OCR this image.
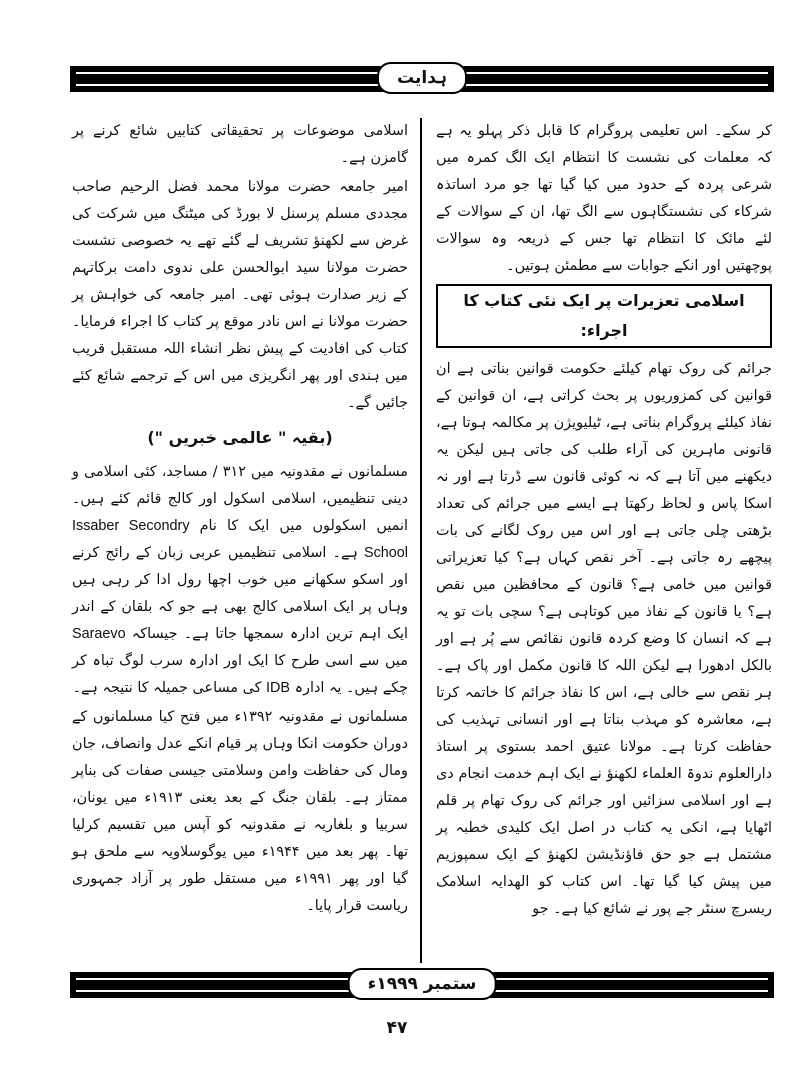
ہدایت

کر سکے۔ اس تعلیمی پروگرام کا قابل ذکر پہلو یہ ہے کہ معلمات کی نشست کا انتظام ایک الگ کمرہ میں شرعی پردہ کے حدود میں کیا گیا تھا جو مرد اساتذہ شرکاء کی نشستگاہوں سے الگ تھا، ان کے سوالات کے لئے مائک کا انتظام تھا جس کے ذریعہ وہ سوالات پوچھتیں اور انکے جوابات سے مطمئن ہوتیں۔

اسلامی تعزیرات پر ایک نئی کتاب کا اجراء:

جرائم کی روک تھام کیلئے حکومت قوانین بناتی ہے ان قوانین کی کمزوریوں پر بحث کراتی ہے، ان قوانین کے نفاذ کیلئے پروگرام بناتی ہے، ٹیلیویژن پر مکالمہ ہوتا ہے، قانونی ماہرین کی آراء طلب کی جاتی ہیں لیکن یہ دیکھنے میں آتا ہے کہ نہ کوئی قانون سے ڈرتا ہے اور نہ اسکا پاس و لحاظ رکھتا ہے ایسے میں جرائم کی تعداد بڑھتی چلی جاتی ہے اور اس میں روک لگانے کی بات پیچھے رہ جاتی ہے۔ آخر نقص کہاں ہے؟ کیا تعزیراتی قوانین میں خامی ہے؟ قانون کے محافظین میں نقص ہے؟ یا قانون کے نفاذ میں کوتاہی ہے؟ سچی بات تو یہ ہے کہ انسان کا وضع کردہ قانون نقائص سے پُر ہے اور بالکل ادھورا ہے لیکن اللہ کا قانون مکمل اور پاک ہے۔ ہر نقص سے خالی ہے، اس کا نفاذ جرائم کا خاتمہ کرتا ہے، معاشرہ کو مہذب بناتا ہے اور انسانی تہذیب کی حفاظت کرتا ہے۔ مولانا عتیق احمد بستوی پر استاذ دارالعلوم ندوۃ العلماء لکھنؤ نے ایک اہم خدمت انجام دی ہے اور اسلامی سزائیں اور جرائم کی روک تھام پر قلم اٹھایا ہے، انکی یہ کتاب در اصل ایک کلیدی خطبہ پر مشتمل ہے جو حق فاؤنڈیشن لکھنؤ کے ایک سمپوزیم میں پیش کیا گیا تھا۔ اس کتاب کو الھدایہ اسلامک ریسرچ سنٹر جے پور نے شائع کیا ہے۔ جو

اسلامی موضوعات پر تحقیقاتی کتابیں شائع کرنے پر گامزن ہے۔

امیر جامعہ حضرت مولانا محمد فضل الرحیم صاحب مجددی مسلم پرسنل لا بورڈ کی میٹنگ میں شرکت کی غرض سے لکھنؤ تشریف لے گئے تھے یہ خصوصی نشست حضرت مولانا سید ابوالحسن علی ندوی دامت برکاتہم کے زیر صدارت ہوئی تھی۔ امیر جامعہ کی خواہش پر حضرت مولانا نے اس نادر موقع پر کتاب کا اجراء فرمایا۔ کتاب کی افادیت کے پیش نظر انشاء اللہ مستقبل قریب میں ہندی اور پھر انگریزی میں اس کے ترجمے شائع کئے جائیں گے۔

(بقیہ " عالمی خبریں ")

مسلمانوں نے مقدونیہ میں ۳۱۲ / مساجد، کئی اسلامی و دینی تنظیمیں، اسلامی اسکول اور کالج قائم کئے ہیں۔ انمیں اسکولوں میں ایک کا نام Issaber Secondry School ہے۔ اسلامی تنظیمیں عربی زبان کے رائج کرنے اور اسکو سکھانے میں خوب اچھا رول ادا کر رہی ہیں وہاں پر ایک اسلامی کالج بھی ہے جو کہ بلقان کے اندر ایک اہم ترین ادارہ سمجھا جاتا ہے۔ جیساکہ Saraevo میں سے اسی طرح کا ایک اور ادارہ سرب لوگ تباہ کر چکے ہیں۔ یہ ادارہ IDB کی مساعی جمیلہ کا نتیجہ ہے۔

مسلمانوں نے مقدونیہ ۱۳۹۲ء میں فتح کیا مسلمانوں کے دوران حکومت انکا وہاں پر قیام انکے عدل وانصاف، جان ومال کی حفاظت وامن وسلامتی جیسی صفات کی بناپر ممتاز ہے۔ بلقان جنگ کے بعد یعنی ۱۹۱۳ء میں یونان، سربیا و بلغاریہ نے مقدونیہ کو آپس میں تقسیم کرلیا تھا۔ پھر بعد میں ۱۹۴۴ء میں یوگوسلاویہ سے ملحق ہو گیا اور پھر ۱۹۹۱ء میں مستقل طور پر آزاد جمہوری ریاست قرار پایا۔

ستمبر ۱۹۹۹ء
۴۷
